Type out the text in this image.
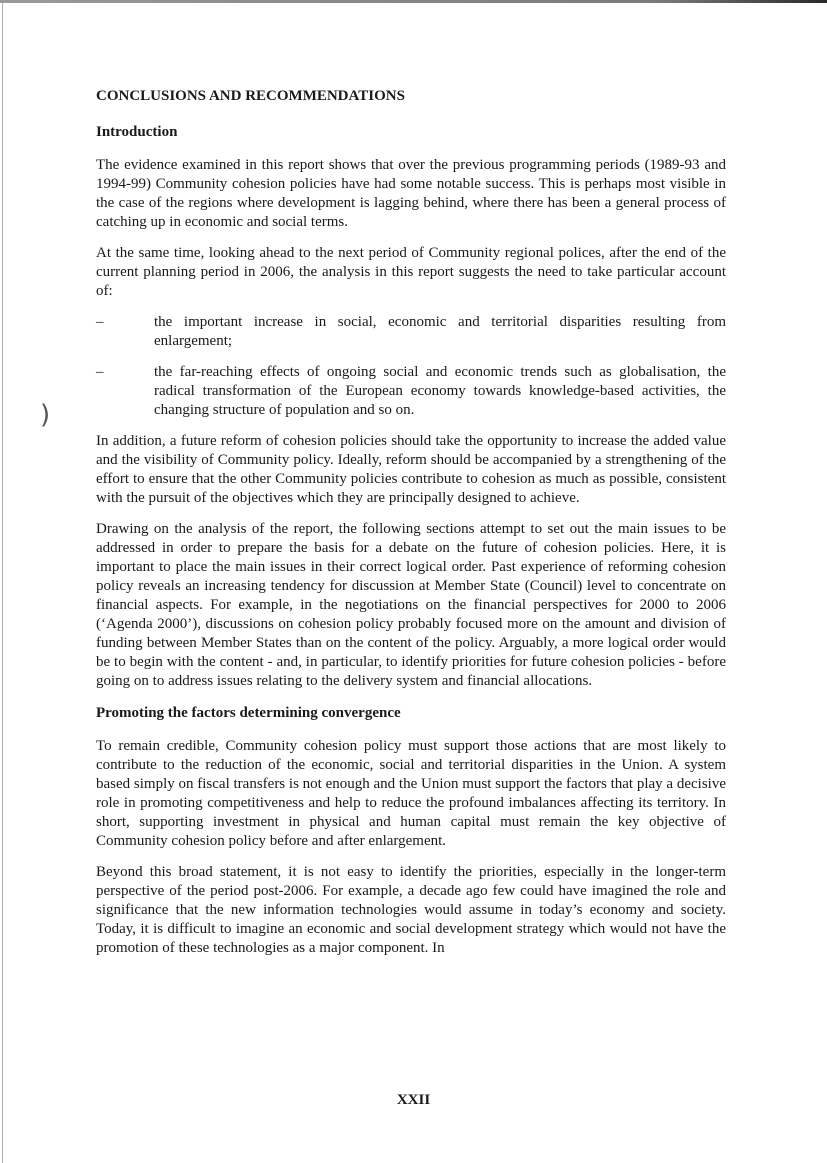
)
CONCLUSIONS AND RECOMMENDATIONS
Introduction

The evidence examined in this report shows that over the previous programming periods (1989-93 and 1994-99) Community cohesion policies have had some notable success. This is perhaps most visible in the case of the regions where development is lagging behind, where there has been a general process of catching up in economic and social terms.

At the same time, looking ahead to the next period of Community regional polices, after the end of the current planning period in 2006, the analysis in this report suggests the need to take particular account of:

–	the important increase in social, economic and territorial disparities resulting from enlargement;
–	the far-reaching effects of ongoing social and economic trends such as globalisation, the radical transformation of the European economy towards knowledge-based activities, the changing structure of population and so on.

In addition, a future reform of cohesion policies should take the opportunity to increase the added value and the visibility of Community policy. Ideally, reform should be accompanied by a strengthening of the effort to ensure that the other Community policies contribute to cohesion as much as possible, consistent with the pursuit of the objectives which they are principally designed to achieve.

Drawing on the analysis of the report, the following sections attempt to set out the main issues to be addressed in order to prepare the basis for a debate on the future of cohesion policies. Here, it is important to place the main issues in their correct logical order. Past experience of reforming cohesion policy reveals an increasing tendency for discussion at Member State (Council) level to concentrate on financial aspects. For example, in the negotiations on the financial perspectives for 2000 to 2006 (‘Agenda 2000’), discussions on cohesion policy probably focused more on the amount and division of funding between Member States than on the content of the policy. Arguably, a more logical order would be to begin with the content - and, in particular, to identify priorities for future cohesion policies - before going on to address issues relating to the delivery system and financial allocations.

Promoting the factors determining convergence

To remain credible, Community cohesion policy must support those actions that are most likely to contribute to the reduction of the economic, social and territorial disparities in the Union. A system based simply on fiscal transfers is not enough and the Union must support the factors that play a decisive role in promoting competitiveness and help to reduce the profound imbalances affecting its territory. In short, supporting investment in physical and human capital must remain the key objective of Community cohesion policy before and after enlargement.

Beyond this broad statement, it is not easy to identify the priorities, especially in the longer-term perspective of the period post-2006. For example, a decade ago few could have imagined the role and significance that the new information technologies would assume in today’s economy and society. Today, it is difficult to imagine an economic and social development strategy which would not have the promotion of these technologies as a major component. In

XXII
